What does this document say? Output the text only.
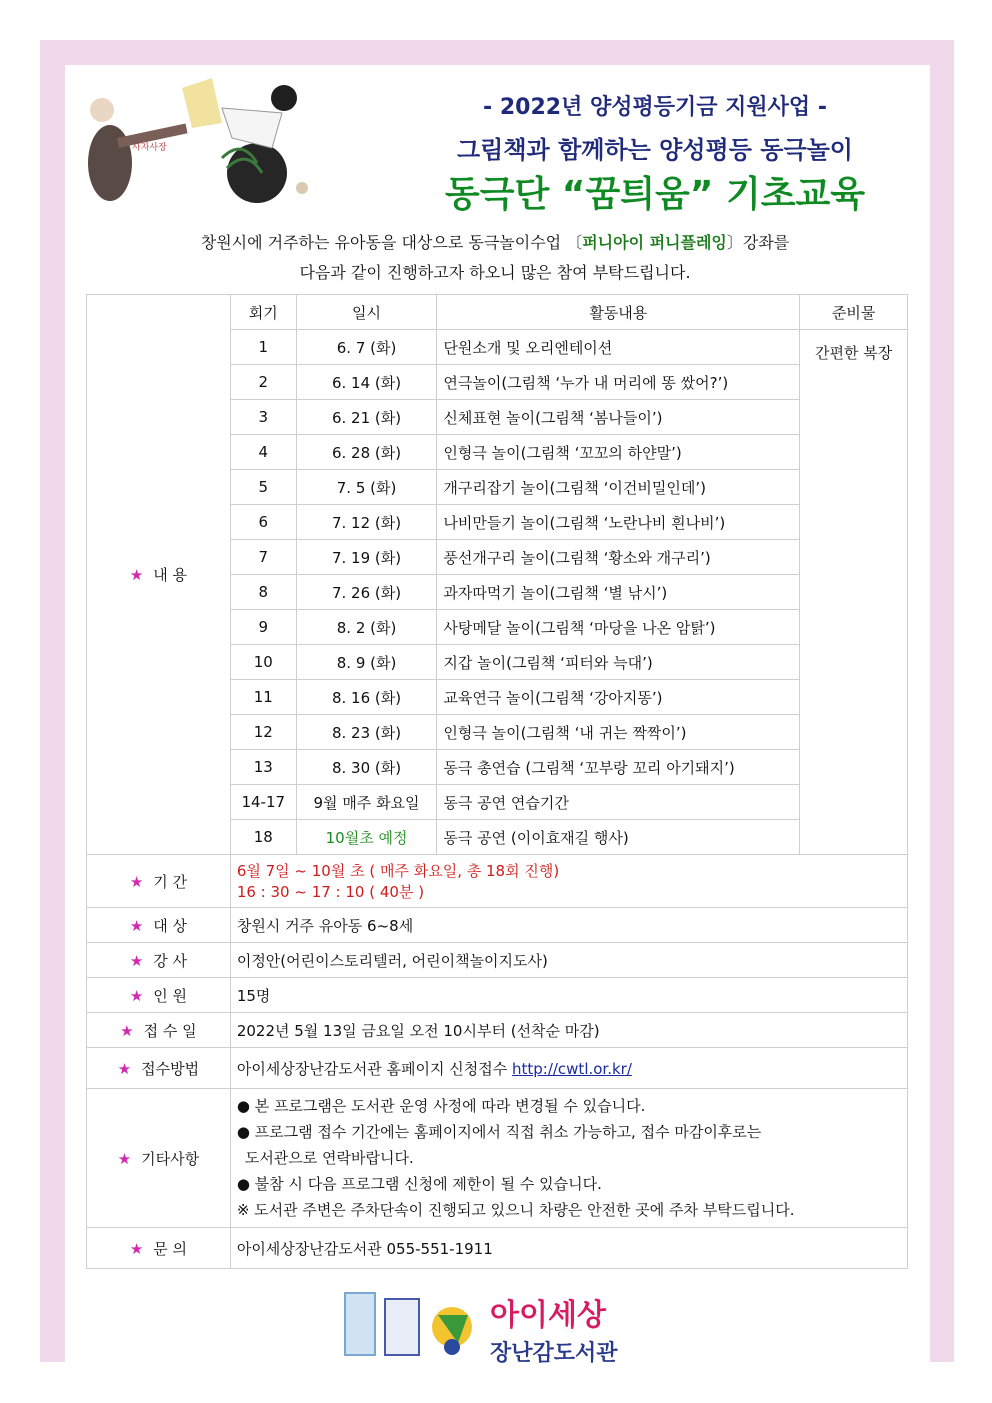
사자사장
- 2022년 양성평등기금 지원사업 -
그림책과 함께하는 양성평등 동극놀이
동극단 “꿈틔움” 기초교육
창원시에 거주하는 유아동을 대상으로 동극놀이수업 〔퍼니아이 퍼니플레잉〕강좌를
다음과 같이 진행하고자 하오니 많은 참여 부탁드립니다.
★ 내 용	회기	일시	활동내용	준비물
	1	6. 7 (화)	단원소개 및 오리엔테이션	간편한 복장
	2	6. 14 (화)	연극놀이(그림책 ‘누가 내 머리에 똥 쌌어?’)	
	3	6. 21 (화)	신체표현 놀이(그림책 ‘봄나들이’)	
	4	6. 28 (화)	인형극 놀이(그림책 ‘꼬꼬의 하얀말’)	
	5	7. 5 (화)	개구리잡기 놀이(그림책 ‘이건비밀인데’)	
	6	7. 12 (화)	나비만들기 놀이(그림책 ‘노란나비 흰나비’)	
	7	7. 19 (화)	풍선개구리 놀이(그림책 ‘황소와 개구리’)	
	8	7. 26 (화)	과자따먹기 놀이(그림책 ‘별 낚시’)	
	9	8. 2 (화)	사탕메달 놀이(그림책 ‘마당을 나온 암탉’)	
	10	8. 9 (화)	지갑 놀이(그림책 ‘피터와 늑대’)	
	11	8. 16 (화)	교육연극 놀이(그림책 ‘강아지똥’)	
	12	8. 23 (화)	인형극 놀이(그림책 ‘내 귀는 짝짝이’)	
	13	8. 30 (화)	동극 총연습 (그림책 ‘꼬부랑 꼬리 아기돼지’)	
	14-17	9월 매주 화요일	동극 공연 연습기간	
	18	10월초 예정	동극 공연 (이이효재길 행사)	
★ 기 간	6월 7일 ~ 10월 초 ( 매주 화요일, 총 18회 진행)
16 : 30 ~ 17 : 10 ( 40분 )			

★ 대 상	창원시 거주 유아동 6~8세			
★ 강 사	이정안(어린이스토리텔러, 어린이책놀이지도사)			
★ 인 원	15명			
★ 접 수 일	2022년 5월 13일 금요일 오전 10시부터 (선착순 마감)			
★ 접수방법	아이세상장난감도서관 홈페이지 신청접수 http://cwtl.or.kr/			
★ 기타사항	● 본 프로그램은 도서관 운영 사정에 따라 변경될 수 있습니다.
● 프로그램 접수 기간에는 홈페이지에서 직접 취소 가능하고, 접수 마감이후로는
도서관으로 연락바랍니다.
● 불참 시 다음 프로그램 신청에 제한이 될 수 있습니다.
※ 도서관 주변은 주차단속이 진행되고 있으니 차량은 안전한 곳에 주차 부탁드립니다.			

★ 문 의	아이세상장난감도서관 055-551-1911			
아이세상
장난감도서관
